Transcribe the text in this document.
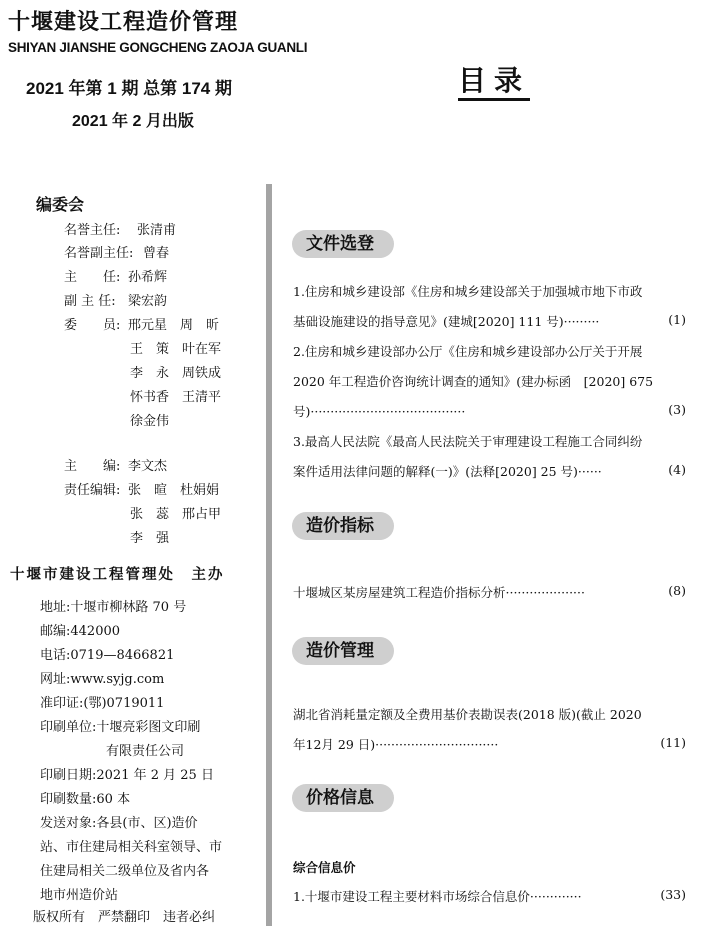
十堰建设工程造价管理
SHIYAN JIANSHE GONGCHENG ZAOJA GUANLI
2021 年第 1 期 总第 174 期
2021 年 2 月出版
目录
编委会
名誉主任: 张清甫
名誉副主任: 曾春
主　　任: 孙希辉
副 主 任: 梁宏韵
委　　员: 邢元星　周　昕
王　策　叶在军
李　永　周铁成
怀书香　王清平
徐金伟
主　　编: 李文杰
责任编辑: 张　暄　杜娟娟
张　蕊　邢占甲
李　强
十堰市建设工程管理处　主办
地址:十堰市柳林路 70 号
邮编:442000
电话:0719—8466821
网址:www.syjg.com
准印证:(鄂)0719011
印刷单位:十堰亮彩图文印刷
有限责任公司
印刷日期:2021 年 2 月 25 日
印刷数量:60 本
发送对象:各县(市、区)造价
站、市住建局相关科室领导、市
住建局相关二级单位及省内各
地市州造价站
版权所有　严禁翻印　违者必纠
文件选登
1.住房和城乡建设部《住房和城乡建设部关于加强城市地下市政
基础设施建设的指导意见》(建城[2020] 111 号)·········	(1)
2.住房和城乡建设部办公厅《住房和城乡建设部办公厅关于开展
2020 年工程造价咨询统计调查的通知》(建办标函　[2020] 675
号)·······································	(3)
3.最高人民法院《最高人民法院关于审理建设工程施工合同纠纷
案件适用法律问题的解释(一)》(法释[2020] 25 号)······	(4)
造价指标
十堰城区某房屋建筑工程造价指标分析····················	(8)
造价管理
湖北省消耗量定额及全费用基价表勘误表(2018 版)(截止 2020
年12月 29 日)·······························	(11)
价格信息
综合信息价
1.十堰市建设工程主要材料市场综合信息价·············	(33)
